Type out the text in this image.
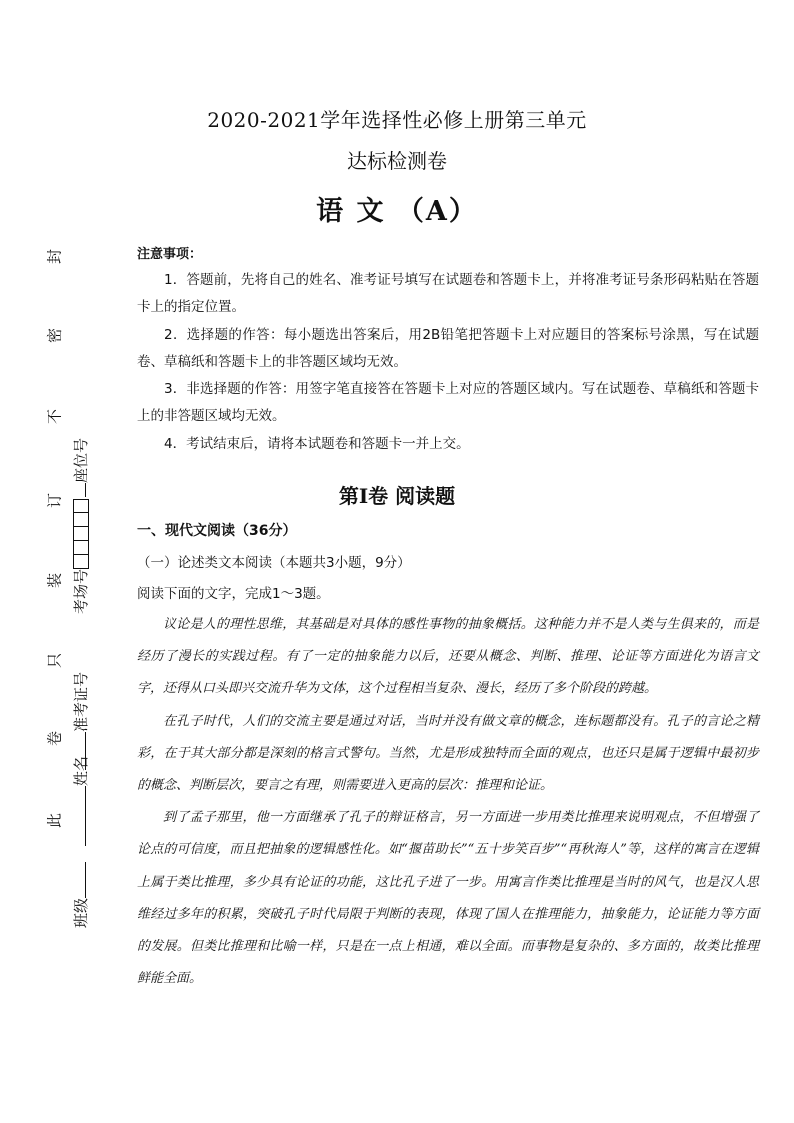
2020-2021学年选择性必修上册第三单元
达标检测卷
语 文 （A）
注意事项：

1．答题前，先将自己的姓名、准考证号填写在试题卷和答题卡上，并将准考证号条形码粘贴在答题卡上的指定位置。

2．选择题的作答：每小题选出答案后，用2B铅笔把答题卡上对应题目的答案标号涂黑，写在试题卷、草稿纸和答题卡上的非答题区域均无效。

3．非选择题的作答：用签字笔直接答在答题卡上对应的答题区域内。写在试题卷、草稿纸和答题卡上的非答题区域均无效。

4．考试结束后，请将本试题卷和答题卡一并上交。

第Ⅰ卷 阅读题
一、现代文阅读（36分）
（一）论述类文本阅读（本题共3小题，9分）
阅读下面的文字，完成1～3题。

议论是人的理性思维，其基础是对具体的感性事物的抽象概括。这种能力并不是人类与生俱来的，而是经历了漫长的实践过程。有了一定的抽象能力以后，还要从概念、判断、推理、论证等方面进化为语言文字，还得从口头即兴交流升华为文体，这个过程相当复杂、漫长，经历了多个阶段的跨越。

在孔子时代，人们的交流主要是通过对话，当时并没有做文章的概念，连标题都没有。孔子的言论之精彩，在于其大部分都是深刻的格言式警句。当然，尤是形成独特而全面的观点，也还只是属于逻辑中最初步的概念、判断层次，要言之有理，则需要进入更高的层次：推理和论证。

到了孟子那里，他一方面继承了孔子的辩证格言，另一方面进一步用类比推理来说明观点，不但增强了论点的可信度，而且把抽象的逻辑感性化。如“揠苗助长”“五十步笑百步”“再秋海人”等，这样的寓言在逻辑上属于类比推理，多少具有论证的功能，这比孔子进了一步。用寓言作类比推理是当时的风气，也是汉人思维经过多年的积累，突破孔子时代局限于判断的表现，体现了国人在推理能力，抽象能力，论证能力等方面的发展。但类比推理和比喻一样，只是在一点上相通，难以全面。而事物是复杂的、多方面的，故类比推理鲜能全面。

封
密
不
订
装
只
卷
此
考场号座位号
准考证号
姓名
班级
